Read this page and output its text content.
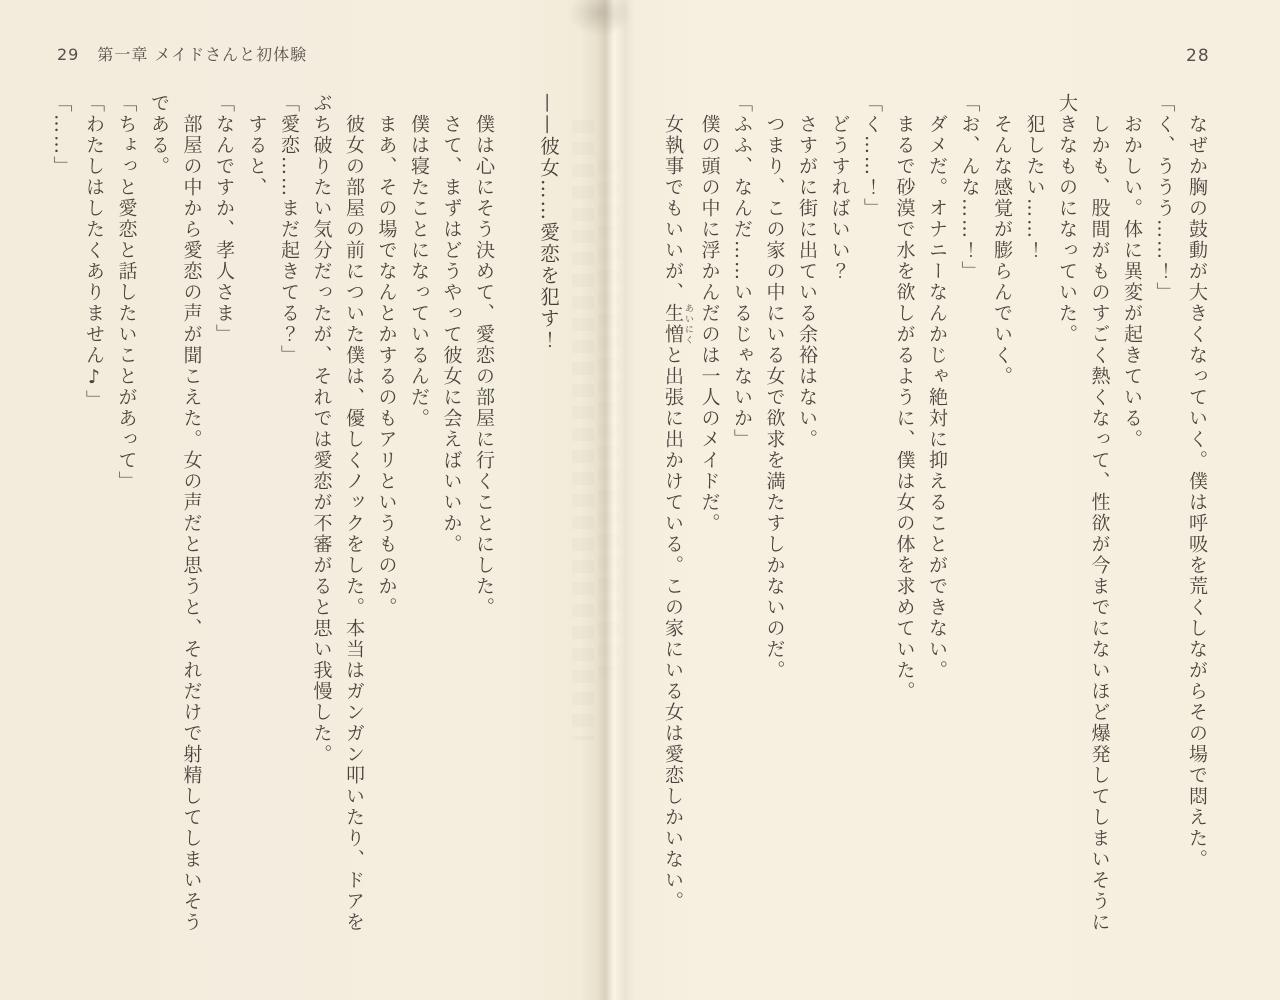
29 第一章 メイドさんと初体験
——彼女……愛恋を犯す！
　僕は心にそう決めて、愛恋の部屋に行くことにした。
　さて、まずはどうやって彼女に会えばいいか。
　僕は寝たことになっているんだ。
　まあ、その場でなんとかするのもアリというものか。
　彼女の部屋の前についた僕は、優しくノックをした。本当はガンガン叩いたり、ドアを
ぶち破りたい気分だったが、それでは愛恋が不審がると思い我慢した。
「愛恋……まだ起きてる？」
　すると、
「なんですか、孝人さま」
　部屋の中から愛恋の声が聞こえた。女の声だと思うと、それだけで射精してしまいそう
である。
「ちょっと愛恋と話したいことがあって」
「わたしはしたくありません♪」
「……」
28
　なぜか胸の鼓動が大きくなっていく。僕は呼吸を荒くしながらその場で悶えた。
「く、ううう……！」
　おかしい。体に異変が起きている。
　しかも、股間がものすごく熱くなって、性欲が今までにないほど爆発してしまいそうに
大きなものになっていた。
　犯したい……！
　そんな感覚が膨らんでいく。
「お、んな……！」
　ダメだ。オナニーなんかじゃ絶対に抑えることができない。
　まるで砂漠で水を欲しがるように、僕は女の体を求めていた。
「く……！」
　どうすればいい？
　さすがに街に出ている余裕はない。
　つまり、この家の中にいる女で欲求を満たすしかないのだ。
「ふふ、なんだ……いるじゃないか」
　僕の頭の中に浮かんだのは一人のメイドだ。
　女執事でもいいが、生憎 あいにくと出張に出かけている。この家にいる女は愛恋しかいない。
